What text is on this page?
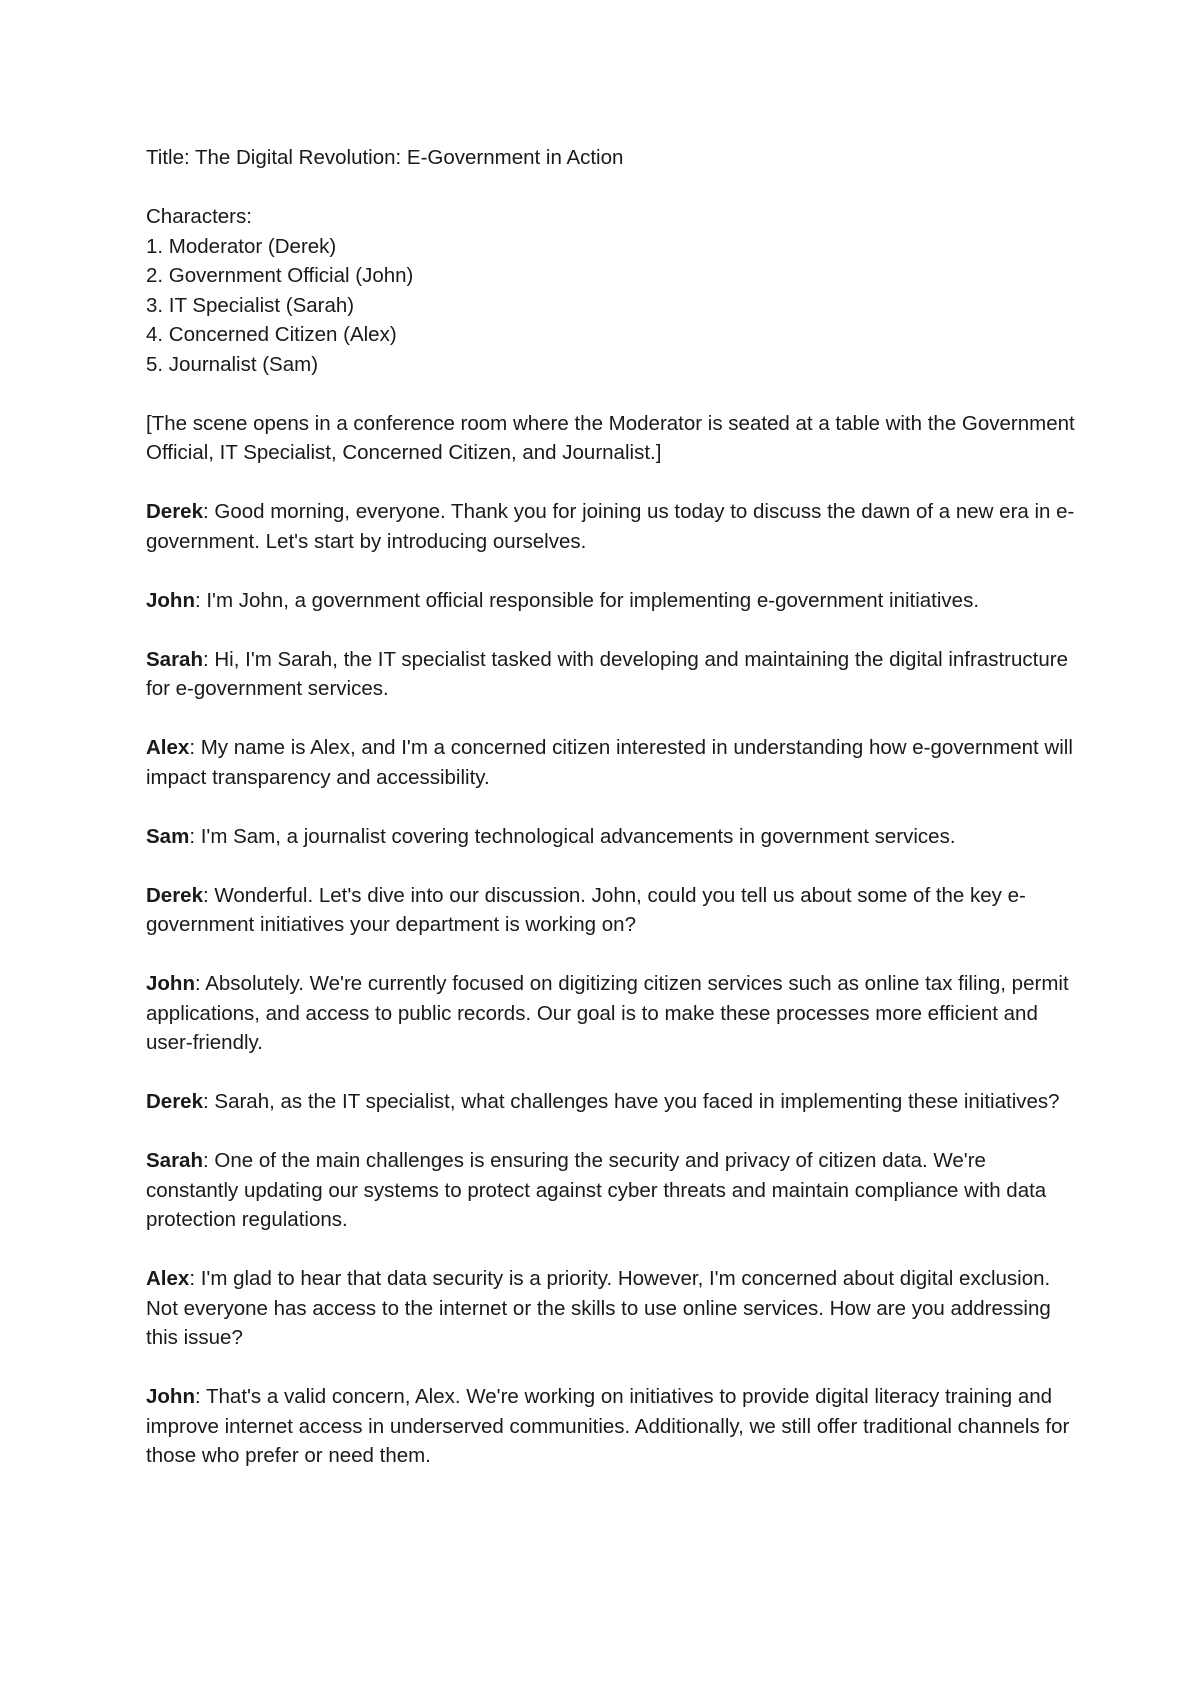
Title: The Digital Revolution: E-Government in Action

Characters:

1. Moderator (Derek)
2. Government Official (John)
3. IT Specialist (Sarah)
4. Concerned Citizen (Alex)
5. Journalist (Sam)

[The scene opens in a conference room where the Moderator is seated at a table with the Government Official, IT Specialist, Concerned Citizen, and Journalist.]

Derek: Good morning, everyone. Thank you for joining us today to discuss the dawn of a new era in e-government. Let's start by introducing ourselves.

John: I'm John, a government official responsible for implementing e-government initiatives.

Sarah: Hi, I'm Sarah, the IT specialist tasked with developing and maintaining the digital infrastructure for e-government services.

Alex: My name is Alex, and I'm a concerned citizen interested in understanding how e-government will impact transparency and accessibility.

Sam: I'm Sam, a journalist covering technological advancements in government services.

Derek: Wonderful. Let's dive into our discussion. John, could you tell us about some of the key e-government initiatives your department is working on?

John: Absolutely. We're currently focused on digitizing citizen services such as online tax filing, permit applications, and access to public records. Our goal is to make these processes more efficient and user-friendly.

Derek: Sarah, as the IT specialist, what challenges have you faced in implementing these initiatives?

Sarah: One of the main challenges is ensuring the security and privacy of citizen data. We're constantly updating our systems to protect against cyber threats and maintain compliance with data protection regulations.

Alex: I'm glad to hear that data security is a priority. However, I'm concerned about digital exclusion. Not everyone has access to the internet or the skills to use online services. How are you addressing this issue?

John: That's a valid concern, Alex. We're working on initiatives to provide digital literacy training and improve internet access in underserved communities. Additionally, we still offer traditional channels for those who prefer or need them.
